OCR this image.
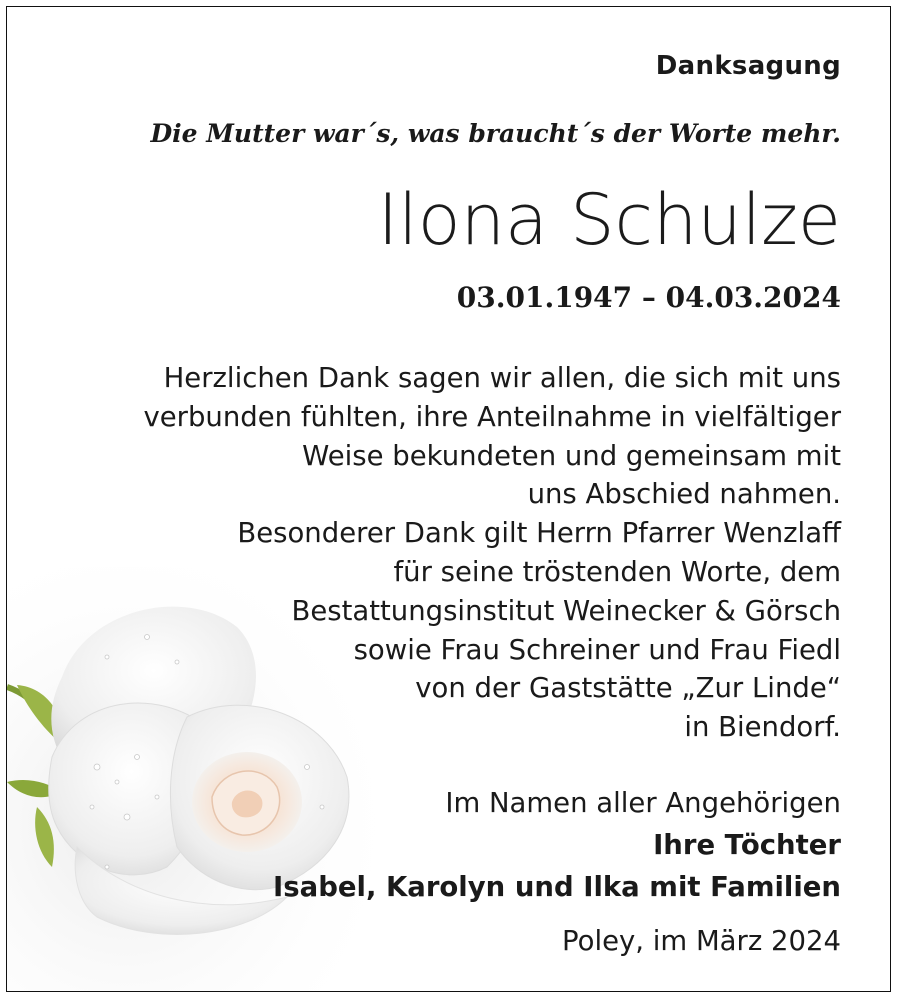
Danksagung
Die Mutter war´s, was braucht´s der Worte mehr.
Ilona Schulze
03.01.1947 – 04.03.2024
Herzlichen Dank sagen wir allen, die sich mit uns
verbunden fühlten, ihre Anteilnahme in vielfältiger
Weise bekundeten und gemeinsam mit
uns Abschied nahmen.
Besonderer Dank gilt Herrn Pfarrer Wenzlaff
für seine tröstenden Worte, dem
Bestattungsinstitut Weinecker & Görsch
sowie Frau Schreiner und Frau Fiedl
von der Gaststätte „Zur Linde“
in Biendorf.
Im Namen aller Angehörigen
Ihre Töchter
Isabel, Karolyn und Ilka mit Familien
Poley, im März 2024
